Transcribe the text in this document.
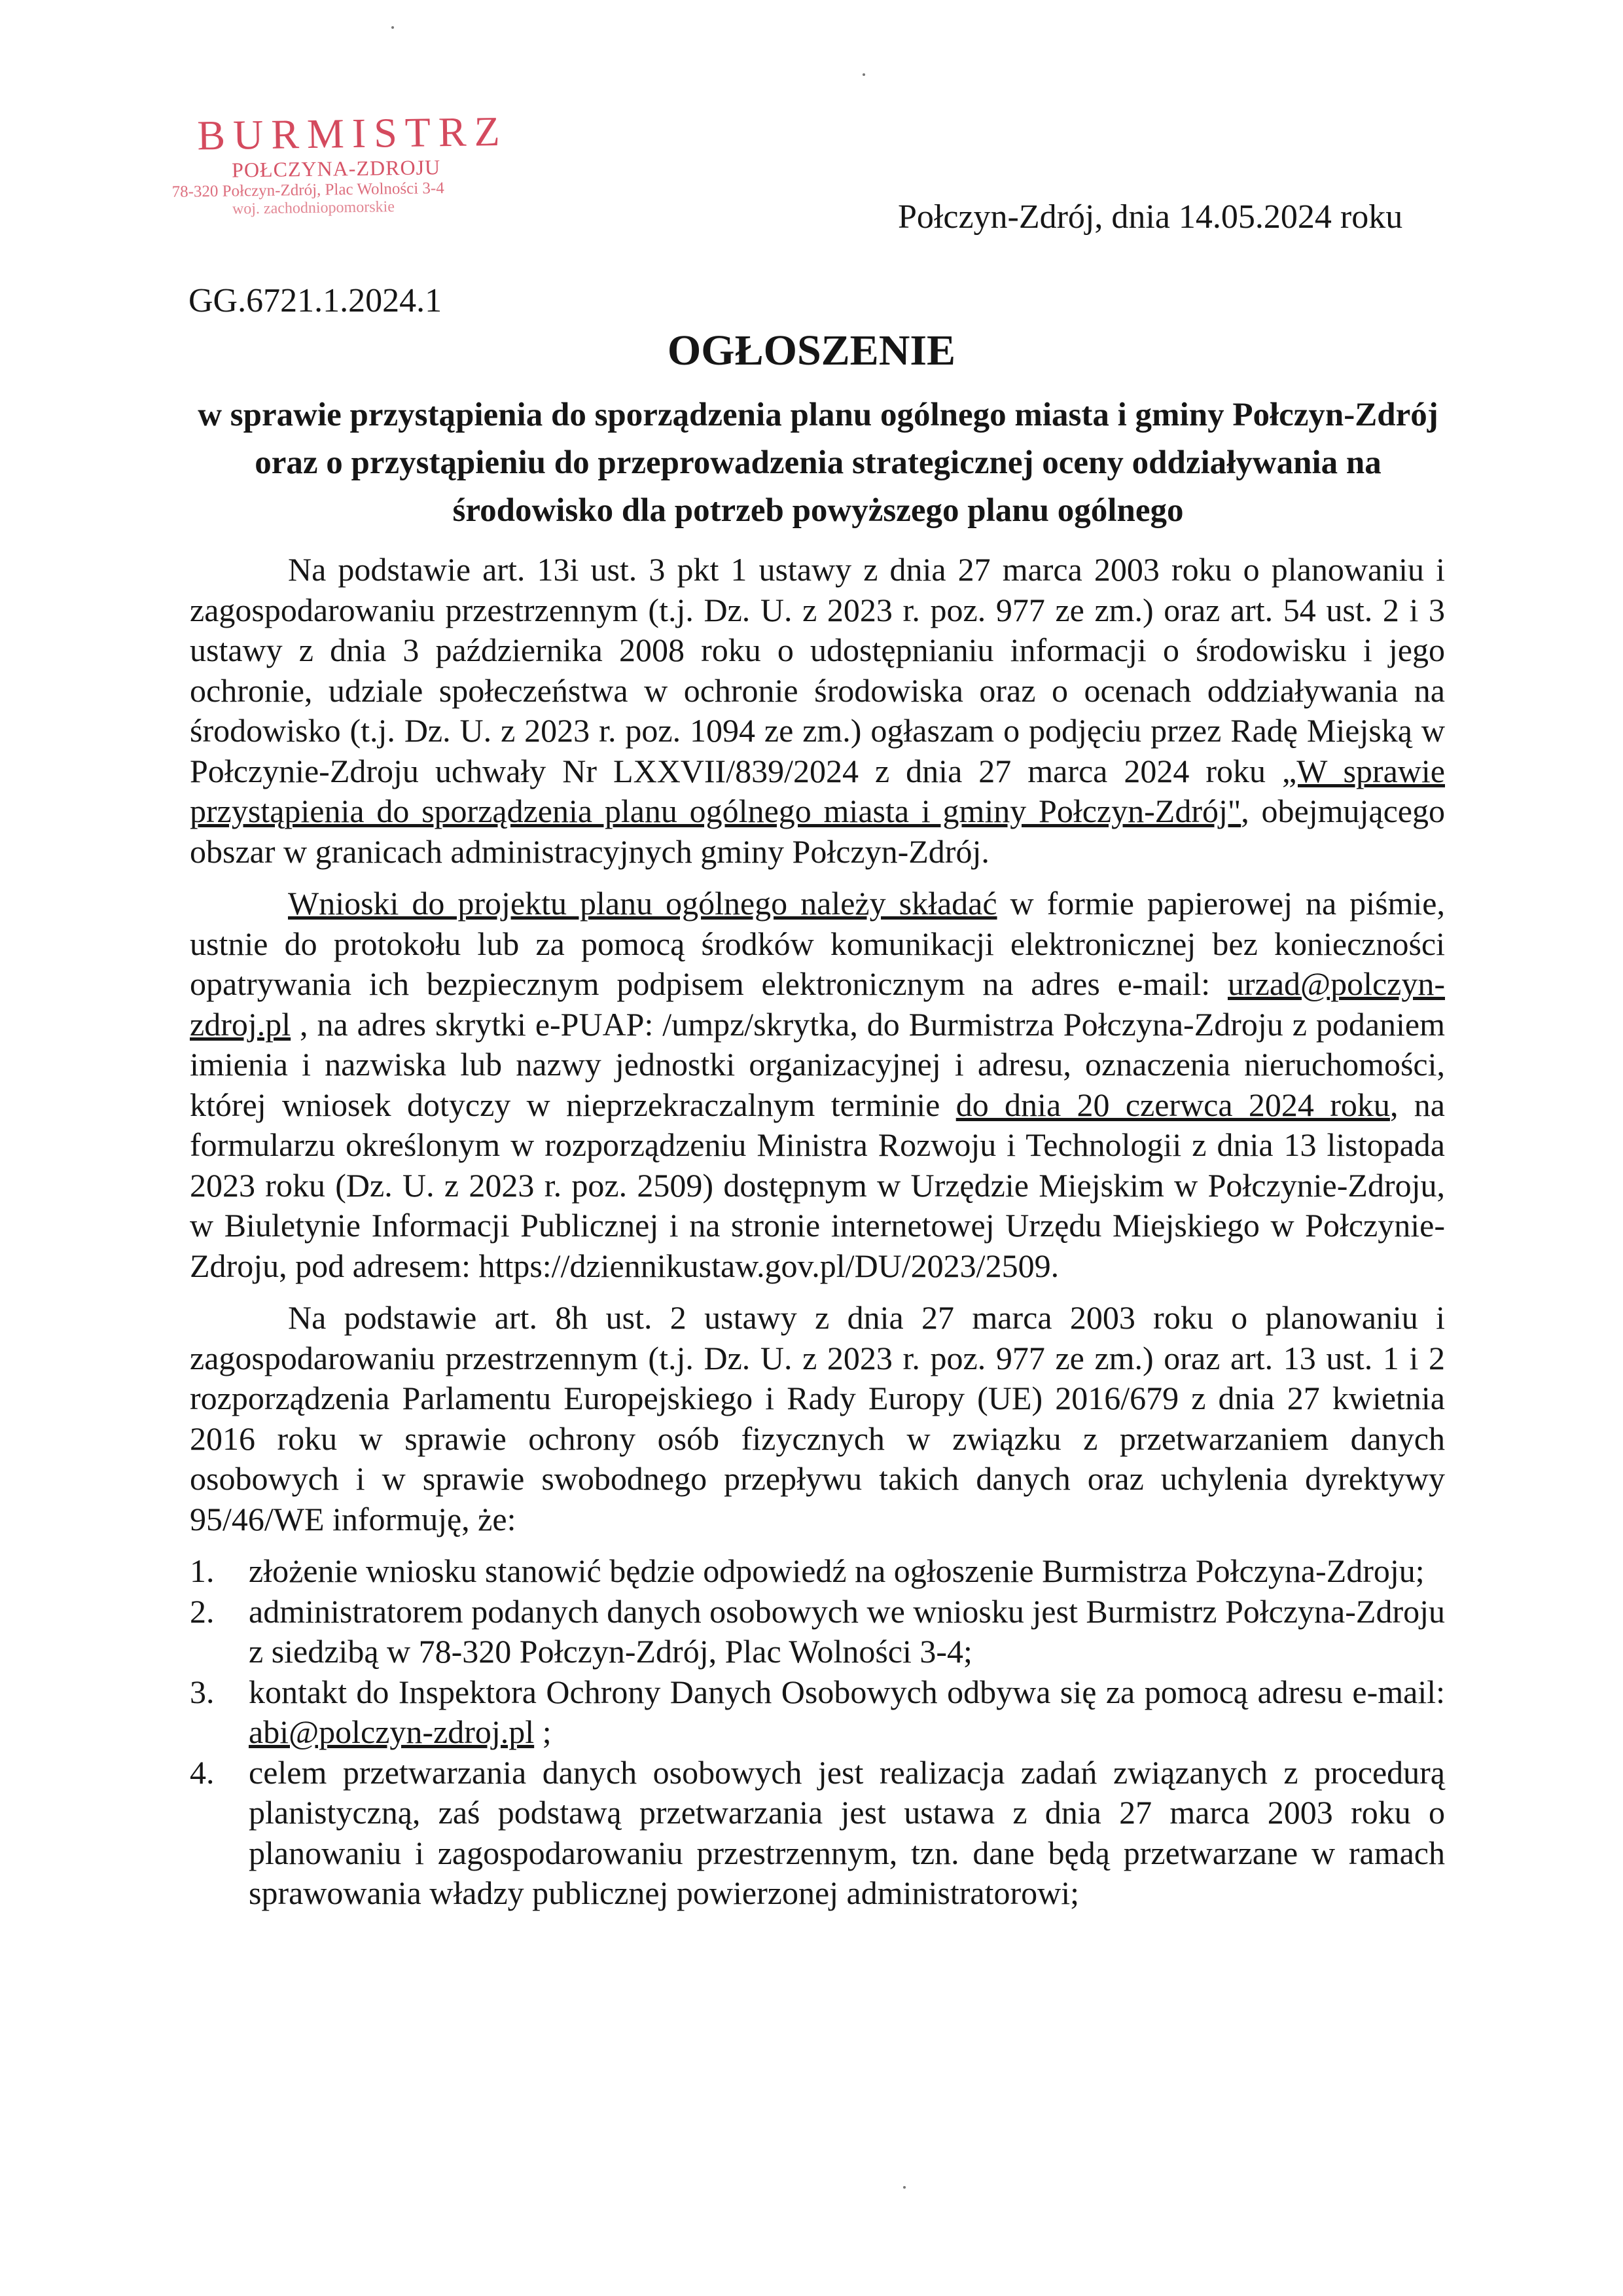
BURMISTRZ
POŁCZYNA-ZDROJU
78-320 Połczyn-Zdrój, Plac Wolności 3-4
woj. zachodniopomorskie	Połczyn-Zdrój, dnia 14.05.2024 roku
GG.6721.1.2024.1
OGŁOSZENIE
w sprawie przystąpienia do sporządzenia planu ogólnego miasta i gminy Połczyn-Zdrój oraz o przystąpieniu do przeprowadzenia strategicznej oceny oddziaływania na środowisko dla potrzeb powyższego planu ogólnego

Na podstawie art. 13i ust. 3 pkt 1 ustawy z dnia 27 marca 2003 roku o planowaniu i zagospodarowaniu przestrzennym (t.j. Dz. U. z 2023 r. poz. 977 ze zm.) oraz art. 54 ust. 2 i 3 ustawy z dnia 3 października 2008 roku o udostępnianiu informacji o środowisku i jego ochronie, udziale społeczeństwa w ochronie środowiska oraz o ocenach oddziaływania na środowisko (t.j. Dz. U. z 2023 r. poz. 1094 ze zm.) ogłaszam o podjęciu przez Radę Miejską w Połczynie-Zdroju uchwały Nr LXXVII/839/2024 z dnia 27 marca 2024 roku „W sprawie przystąpienia do sporządzenia planu ogólnego miasta i gminy Połczyn-Zdrój", obejmującego obszar w granicach administracyjnych gminy Połczyn-Zdrój.

Wnioski do projektu planu ogólnego należy składać w formie papierowej na piśmie, ustnie do protokołu lub za pomocą środków komunikacji elektronicznej bez konieczności opatrywania ich bezpiecznym podpisem elektronicznym na adres e-mail: urzad@polczyn-zdroj.pl , na adres skrytki e-PUAP: /umpz/skrytka, do Burmistrza Połczyna-Zdroju z podaniem imienia i nazwiska lub nazwy jednostki organizacyjnej i adresu, oznaczenia nieruchomości, której wniosek dotyczy w nieprzekraczalnym terminie do dnia 20 czerwca 2024 roku, na formularzu określonym w rozporządzeniu Ministra Rozwoju i Technologii z dnia 13 listopada 2023 roku (Dz. U. z 2023 r. poz. 2509) dostępnym w Urzędzie Miejskim w Połczynie-Zdroju, w Biuletynie Informacji Publicznej i na stronie internetowej Urzędu Miejskiego w Połczynie-Zdroju, pod adresem: https://dziennikustaw.gov.pl/DU/2023/2509.

Na podstawie art. 8h ust. 2 ustawy z dnia 27 marca 2003 roku o planowaniu i zagospodarowaniu przestrzennym (t.j. Dz. U. z 2023 r. poz. 977 ze zm.) oraz art. 13 ust. 1 i 2 rozporządzenia Parlamentu Europejskiego i Rady Europy (UE) 2016/679 z dnia 27 kwietnia 2016 roku w sprawie ochrony osób fizycznych w związku z przetwarzaniem danych osobowych i w sprawie swobodnego przepływu takich danych oraz uchylenia dyrektywy 95/46/WE informuję, że:

1. złożenie wniosku stanowić będzie odpowiedź na ogłoszenie Burmistrza Połczyna-Zdroju;
2. administratorem podanych danych osobowych we wniosku jest Burmistrz Połczyna-Zdroju z siedzibą w 78-320 Połczyn-Zdrój, Plac Wolności 3-4;
3. kontakt do Inspektora Ochrony Danych Osobowych odbywa się za pomocą adresu e-mail: abi@polczyn-zdroj.pl ;
4. celem przetwarzania danych osobowych jest realizacja zadań związanych z procedurą planistyczną, zaś podstawą przetwarzania jest ustawa z dnia 27 marca 2003 roku o planowaniu i zagospodarowaniu przestrzennym, tzn. dane będą przetwarzane w ramach sprawowania władzy publicznej powierzonej administratorowi;
